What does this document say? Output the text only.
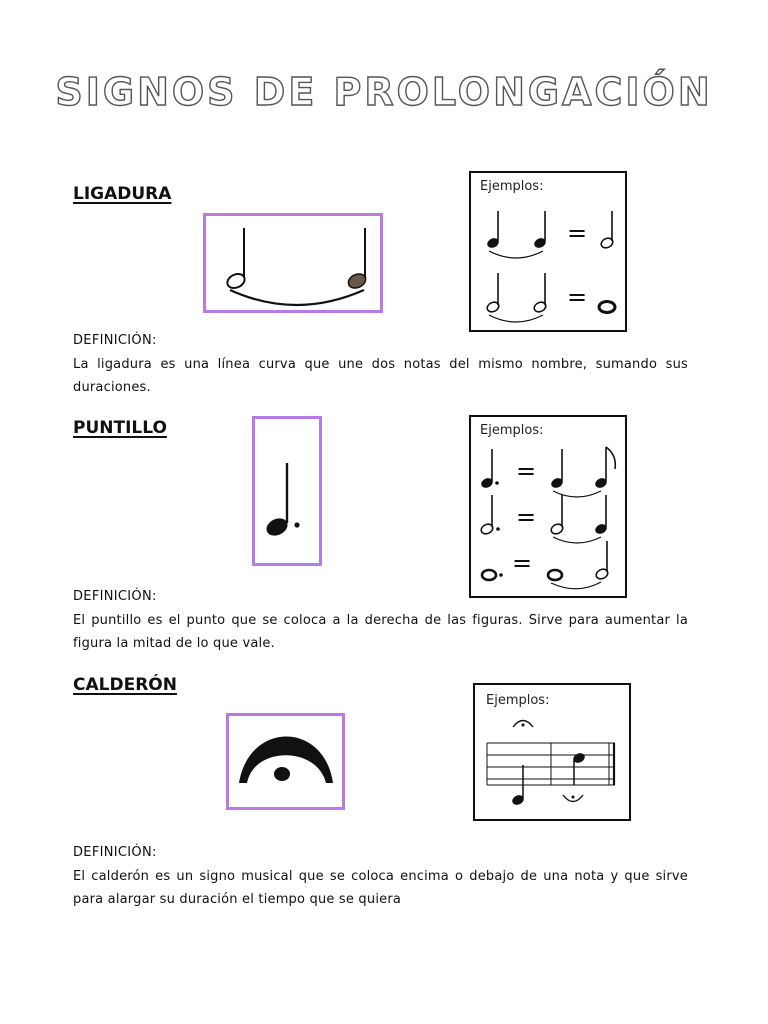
SIGNOS DE PROLONGACIÓN
LIGADURA	Ejemplos:
=
=
DEFINICIÓN:
La ligadura es una línea curva que une dos notas del mismo nombre, sumando sus duraciones.
PUNTILLO	Ejemplos:
=
=
=
DEFINICIÓN:
El puntillo es el punto que se coloca a la derecha de las figuras. Sirve para aumentar la figura la mitad de lo que vale.
CALDERÓN
Ejemplos:
DEFINICIÓN:
El calderón es un signo musical que se coloca encima o debajo de una nota y que sirve para alargar su duración el tiempo que se quiera
